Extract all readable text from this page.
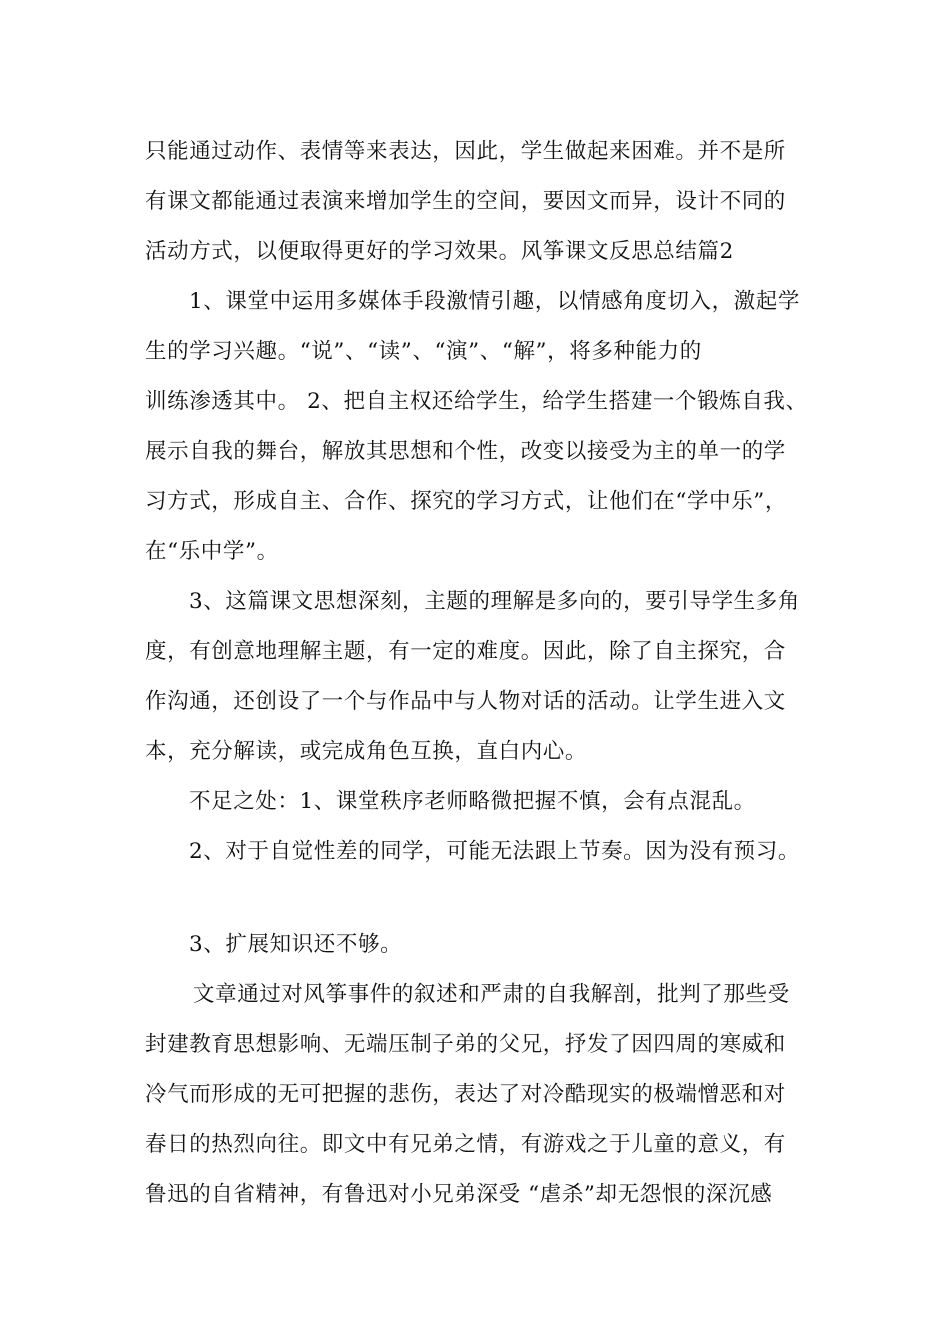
只能通过动作、表情等来表达，因此，学生做起来困难。并不是所
有课文都能通过表演来增加学生的空间，要因文而异，设计不同的
活动方式，以便取得更好的学习效果。风筝课文反思总结篇2
1、课堂中运用多媒体手段激情引趣，以情感角度切入，激起学
生的学习兴趣。“说”、“读”、“演”、“解”，将多种能力的
训练渗透其中。 2、把自主权还给学生，给学生搭建一个锻炼自我、
展示自我的舞台，解放其思想和个性，改变以接受为主的单一的学
习方式，形成自主、合作、探究的学习方式，让他们在“学中乐”，
在“乐中学”。
3、这篇课文思想深刻，主题的理解是多向的，要引导学生多角
度，有创意地理解主题，有一定的难度。因此，除了自主探究，合
作沟通，还创设了一个与作品中与人物对话的活动。让学生进入文
本，充分解读，或完成角色互换，直白内心。
不足之处：1、课堂秩序老师略微把握不慎，会有点混乱。
2、对于自觉性差的同学，可能无法跟上节奏。因为没有预习。
3、扩展知识还不够。
文章通过对风筝事件的叙述和严肃的自我解剖，批判了那些受
封建教育思想影响、无端压制子弟的父兄，抒发了因四周的寒威和
冷气而形成的无可把握的悲伤，表达了对冷酷现实的极端憎恶和对
春日的热烈向往。即文中有兄弟之情，有游戏之于儿童的意义，有
鲁迅的自省精神，有鲁迅对小兄弟深受 “虐杀”却无怨恨的深沉感
